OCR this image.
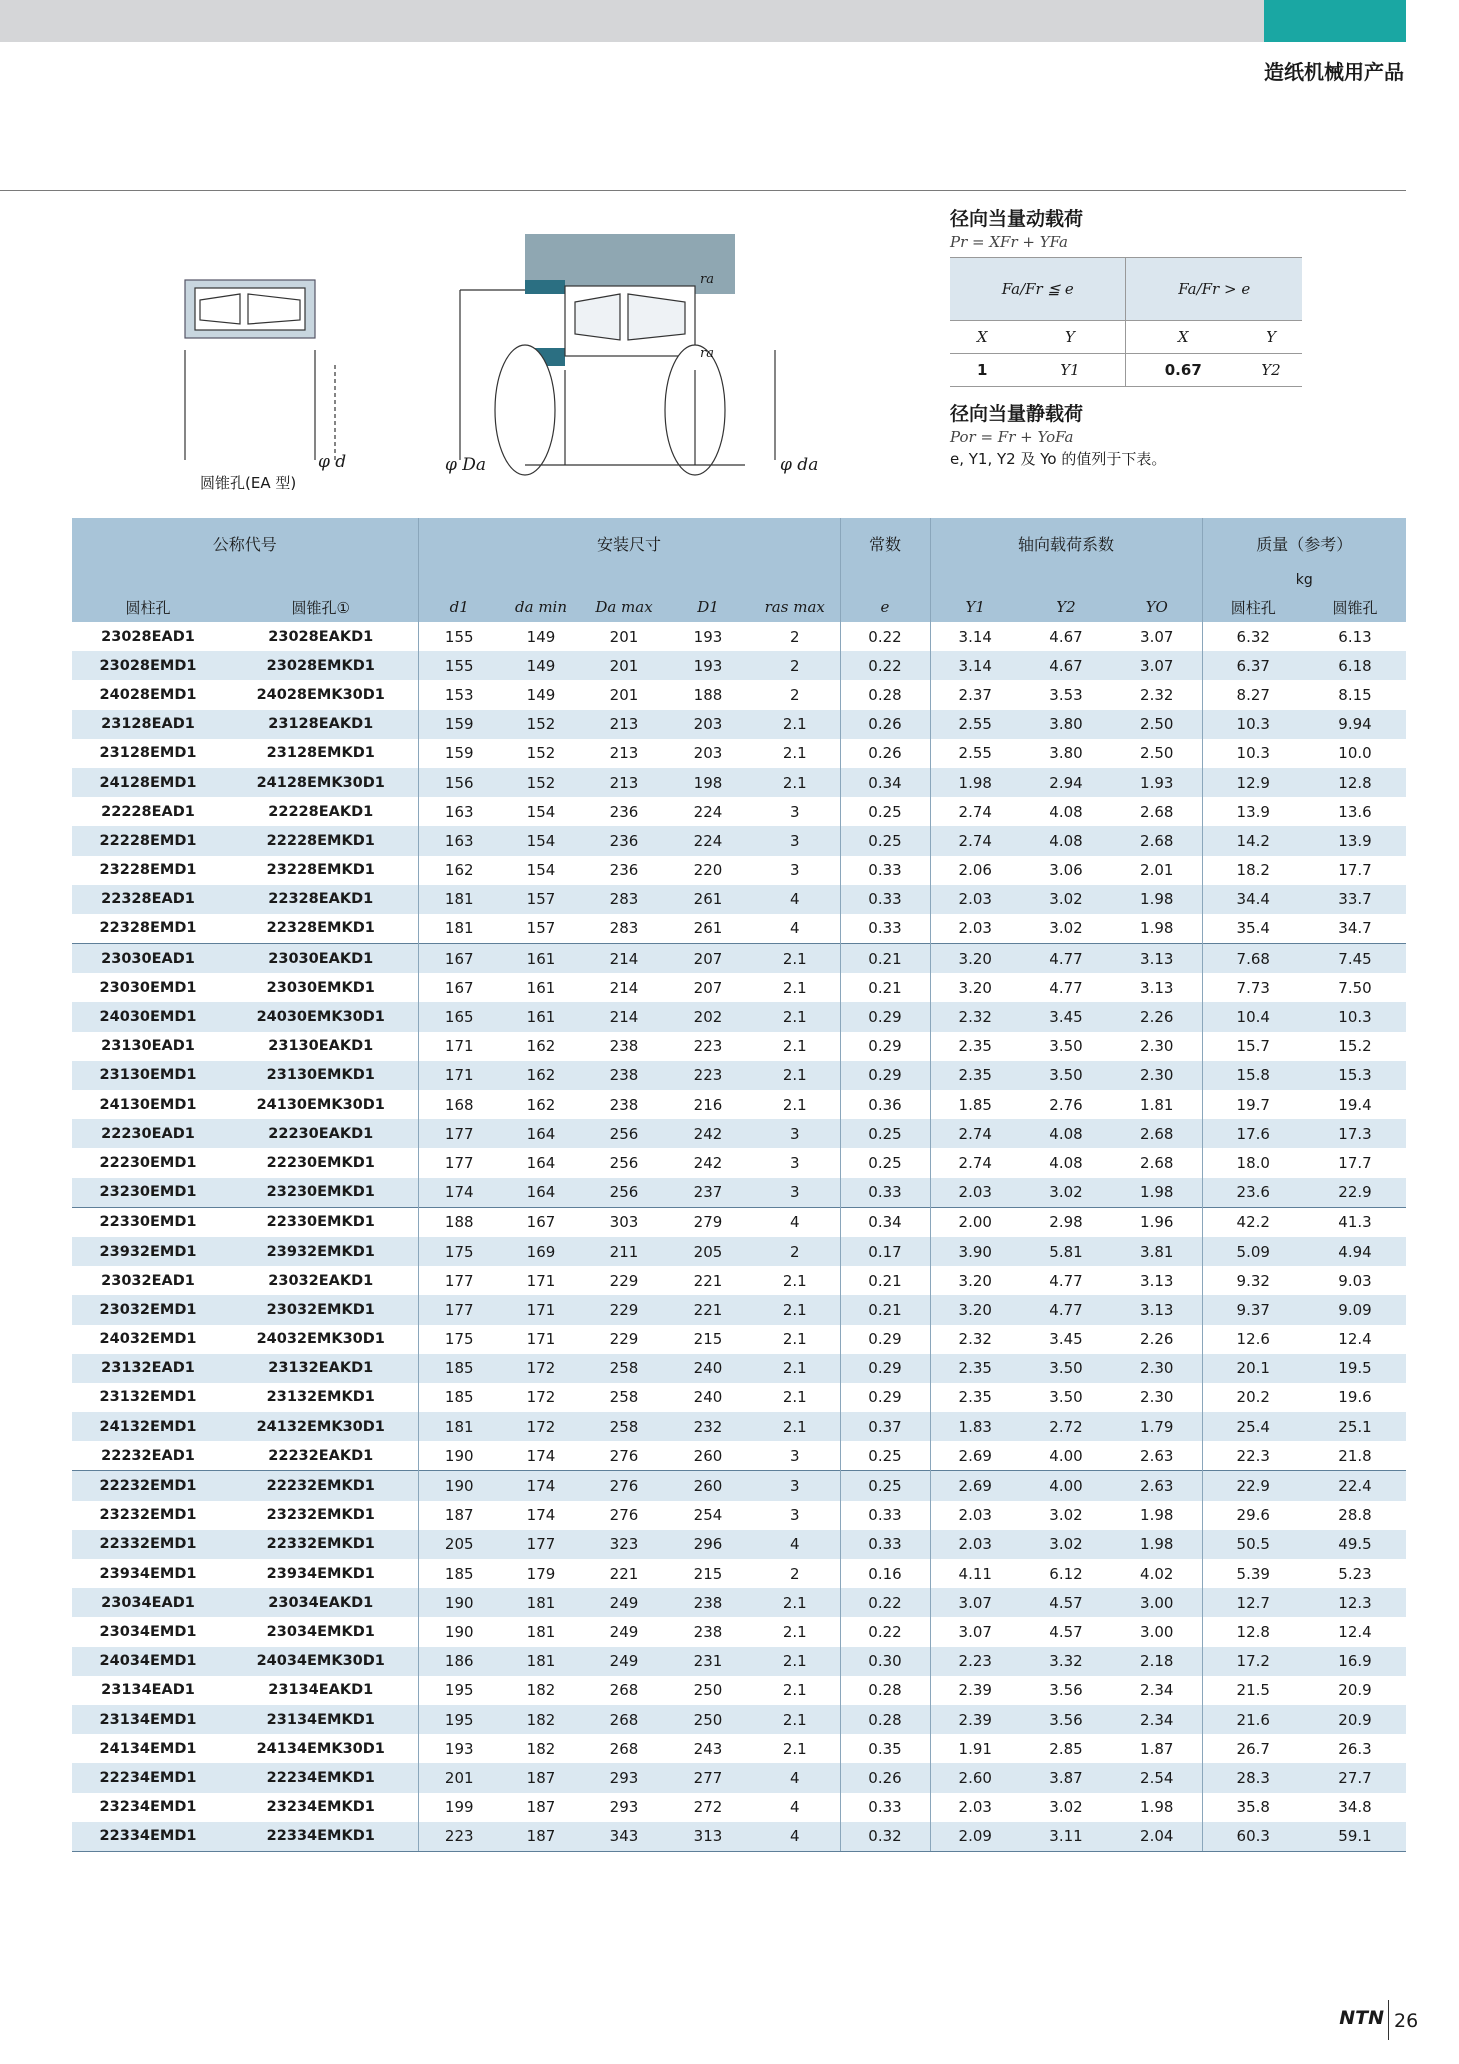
造纸机械用产品
φ d	φ Da	φ da
ra
ra
圆锥孔(EA 型)

径向当量动载荷

Pr = XFr + YFa

Fa/Fr ≦ e		Fa/Fr > e	
X	Y	X	Y
1	Y1	0.67	Y2

径向当量静载荷

Por = Fr + YoFa

e, Y1, Y2 及 Yo 的值列于下表。
公称代号		安装尺寸					常数	轴向载荷系数			质量（参考）	
											kg	
圆柱孔	圆锥孔①	d1	da min	Da max	D1	ras max	e	Y1	Y2	YO	圆柱孔	圆锥孔
23028EAD1	23028EAKD1	155	149	201	193	2	0.22	3.14	4.67	3.07	6.32	6.13
23028EMD1	23028EMKD1	155	149	201	193	2	0.22	3.14	4.67	3.07	6.37	6.18
24028EMD1	24028EMK30D1	153	149	201	188	2	0.28	2.37	3.53	2.32	8.27	8.15
23128EAD1	23128EAKD1	159	152	213	203	2.1	0.26	2.55	3.80	2.50	10.3	9.94
23128EMD1	23128EMKD1	159	152	213	203	2.1	0.26	2.55	3.80	2.50	10.3	10.0
24128EMD1	24128EMK30D1	156	152	213	198	2.1	0.34	1.98	2.94	1.93	12.9	12.8
22228EAD1	22228EAKD1	163	154	236	224	3	0.25	2.74	4.08	2.68	13.9	13.6
22228EMD1	22228EMKD1	163	154	236	224	3	0.25	2.74	4.08	2.68	14.2	13.9
23228EMD1	23228EMKD1	162	154	236	220	3	0.33	2.06	3.06	2.01	18.2	17.7
22328EAD1	22328EAKD1	181	157	283	261	4	0.33	2.03	3.02	1.98	34.4	33.7
22328EMD1	22328EMKD1	181	157	283	261	4	0.33	2.03	3.02	1.98	35.4	34.7
23030EAD1	23030EAKD1	167	161	214	207	2.1	0.21	3.20	4.77	3.13	7.68	7.45
23030EMD1	23030EMKD1	167	161	214	207	2.1	0.21	3.20	4.77	3.13	7.73	7.50
24030EMD1	24030EMK30D1	165	161	214	202	2.1	0.29	2.32	3.45	2.26	10.4	10.3
23130EAD1	23130EAKD1	171	162	238	223	2.1	0.29	2.35	3.50	2.30	15.7	15.2
23130EMD1	23130EMKD1	171	162	238	223	2.1	0.29	2.35	3.50	2.30	15.8	15.3
24130EMD1	24130EMK30D1	168	162	238	216	2.1	0.36	1.85	2.76	1.81	19.7	19.4
22230EAD1	22230EAKD1	177	164	256	242	3	0.25	2.74	4.08	2.68	17.6	17.3
22230EMD1	22230EMKD1	177	164	256	242	3	0.25	2.74	4.08	2.68	18.0	17.7
23230EMD1	23230EMKD1	174	164	256	237	3	0.33	2.03	3.02	1.98	23.6	22.9
22330EMD1	22330EMKD1	188	167	303	279	4	0.34	2.00	2.98	1.96	42.2	41.3
23932EMD1	23932EMKD1	175	169	211	205	2	0.17	3.90	5.81	3.81	5.09	4.94
23032EAD1	23032EAKD1	177	171	229	221	2.1	0.21	3.20	4.77	3.13	9.32	9.03
23032EMD1	23032EMKD1	177	171	229	221	2.1	0.21	3.20	4.77	3.13	9.37	9.09
24032EMD1	24032EMK30D1	175	171	229	215	2.1	0.29	2.32	3.45	2.26	12.6	12.4
23132EAD1	23132EAKD1	185	172	258	240	2.1	0.29	2.35	3.50	2.30	20.1	19.5
23132EMD1	23132EMKD1	185	172	258	240	2.1	0.29	2.35	3.50	2.30	20.2	19.6
24132EMD1	24132EMK30D1	181	172	258	232	2.1	0.37	1.83	2.72	1.79	25.4	25.1
22232EAD1	22232EAKD1	190	174	276	260	3	0.25	2.69	4.00	2.63	22.3	21.8
22232EMD1	22232EMKD1	190	174	276	260	3	0.25	2.69	4.00	2.63	22.9	22.4
23232EMD1	23232EMKD1	187	174	276	254	3	0.33	2.03	3.02	1.98	29.6	28.8
22332EMD1	22332EMKD1	205	177	323	296	4	0.33	2.03	3.02	1.98	50.5	49.5
23934EMD1	23934EMKD1	185	179	221	215	2	0.16	4.11	6.12	4.02	5.39	5.23
23034EAD1	23034EAKD1	190	181	249	238	2.1	0.22	3.07	4.57	3.00	12.7	12.3
23034EMD1	23034EMKD1	190	181	249	238	2.1	0.22	3.07	4.57	3.00	12.8	12.4
24034EMD1	24034EMK30D1	186	181	249	231	2.1	0.30	2.23	3.32	2.18	17.2	16.9
23134EAD1	23134EAKD1	195	182	268	250	2.1	0.28	2.39	3.56	2.34	21.5	20.9
23134EMD1	23134EMKD1	195	182	268	250	2.1	0.28	2.39	3.56	2.34	21.6	20.9
24134EMD1	24134EMK30D1	193	182	268	243	2.1	0.35	1.91	2.85	1.87	26.7	26.3
22234EMD1	22234EMKD1	201	187	293	277	4	0.26	2.60	3.87	2.54	28.3	27.7
23234EMD1	23234EMKD1	199	187	293	272	4	0.33	2.03	3.02	1.98	35.8	34.8
22334EMD1	22334EMKD1	223	187	343	313	4	0.32	2.09	3.11	2.04	60.3	59.1
NTN 26
